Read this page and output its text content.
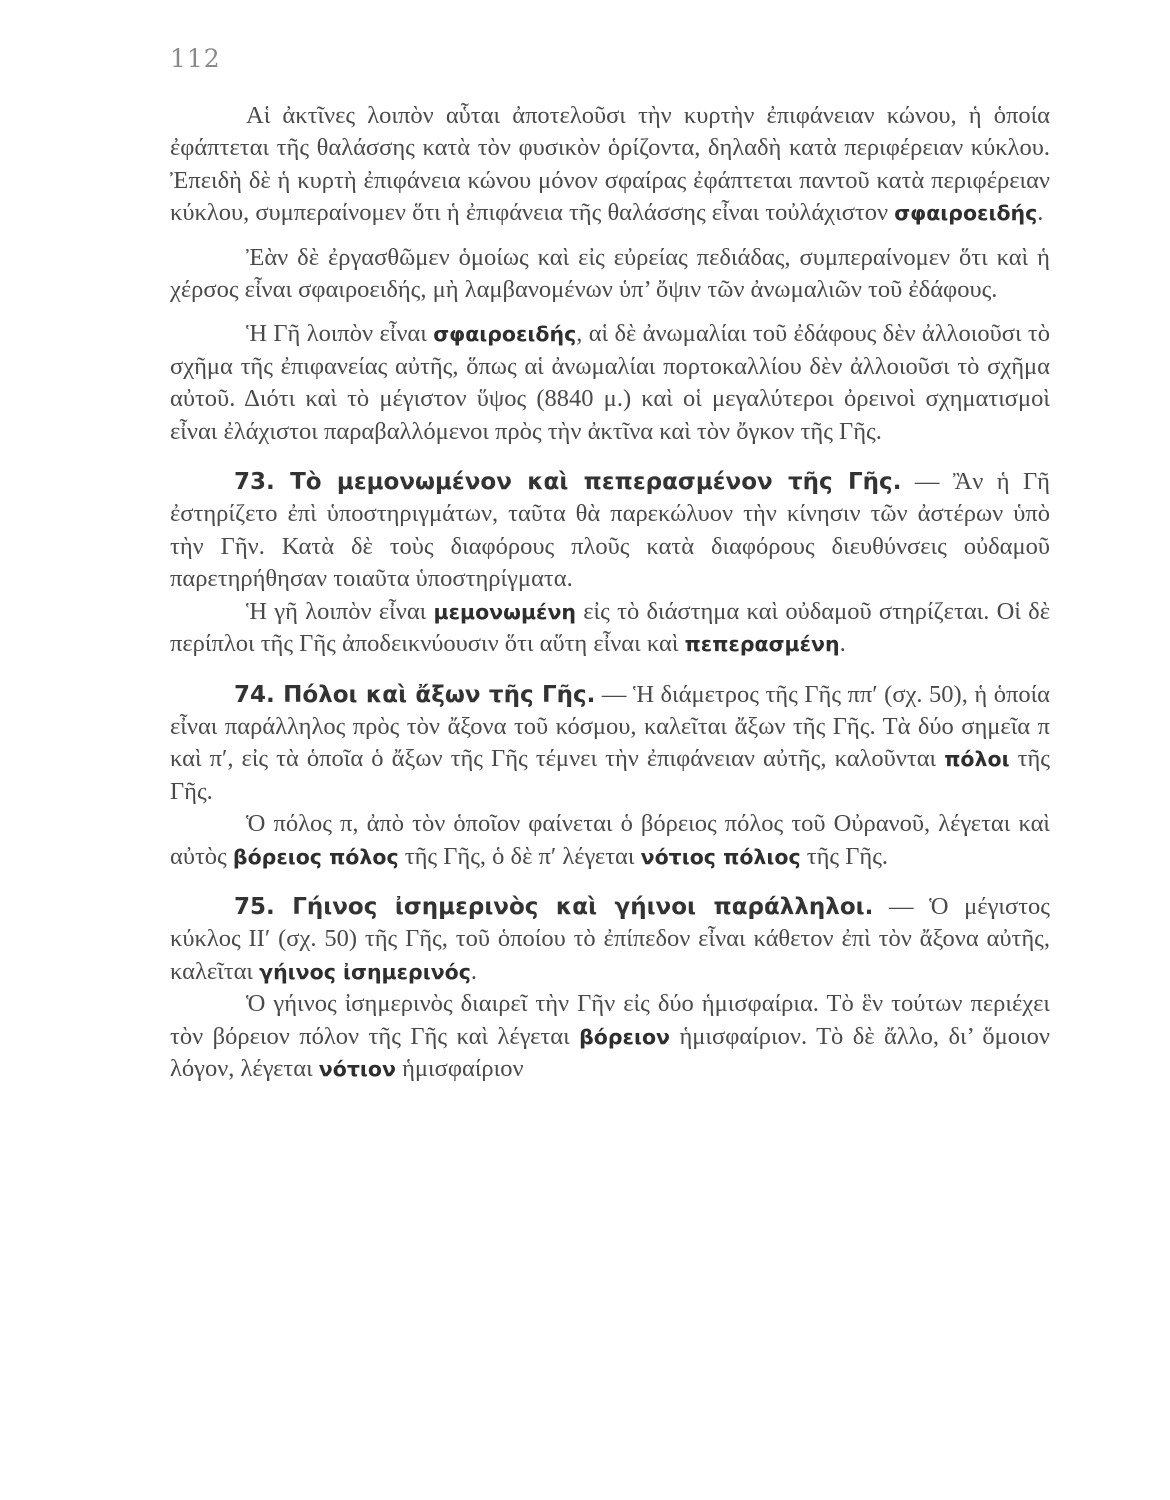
112

Αἱ ἀκτῖνες λοιπὸν αὗται ἀποτελοῦσι τὴν κυρτὴν ἐπιφάνειαν κώνου, ἡ ὁποία ἐφάπτεται τῆς θαλάσσης κατὰ τὸν φυσικὸν ὁρίζοντα, δηλαδὴ κατὰ περιφέρειαν κύκλου. Ἐπειδὴ δὲ ἡ κυρτὴ ἐπιφάνεια κώνου μόνον σφαίρας ἐφάπτεται παντοῦ κατὰ περιφέρειαν κύκλου, συμπεραίνομεν ὅτι ἡ ἐπιφάνεια τῆς θαλάσσης εἶναι τοὐλάχιστον σφαιροειδής.

Ἐὰν δὲ ἐργασθῶμεν ὁμοίως καὶ εἰς εὐρείας πεδιάδας, συμπεραίνομεν ὅτι καὶ ἡ χέρσος εἶναι σφαιροειδής, μὴ λαμβανομένων ὑπ’ ὄψιν τῶν ἀνωμαλιῶν τοῦ ἐδάφους.

Ἡ Γῆ λοιπὸν εἶναι σφαιροειδής, αἱ δὲ ἀνωμαλίαι τοῦ ἐδάφους δὲν ἀλλοιοῦσι τὸ σχῆμα τῆς ἐπιφανείας αὐτῆς, ὅπως αἱ ἀνωμαλίαι πορτοκαλλίου δὲν ἀλλοιοῦσι τὸ σχῆμα αὐτοῦ. Διότι καὶ τὸ μέγιστον ὕψος (8840 μ.) καὶ οἱ μεγαλύτεροι ὀρεινοὶ σχηματισμοὶ εἶναι ἐλάχιστοι παραβαλλόμενοι πρὸς τὴν ἀκτῖνα καὶ τὸν ὄγκον τῆς Γῆς.

73. Τὸ μεμονωμένον καὶ πεπερασμένον τῆς Γῆς. — Ἂν ἡ Γῆ ἐστηρίζετο ἐπὶ ὑποστηριγμάτων, ταῦτα θὰ παρεκώλυον τὴν κίνησιν τῶν ἀστέρων ὑπὸ τὴν Γῆν. Κατὰ δὲ τοὺς διαφόρους πλοῦς κατὰ διαφόρους διευθύνσεις οὐδαμοῦ παρετηρήθησαν τοιαῦτα ὑποστηρίγματα.

Ἡ γῆ λοιπὸν εἶναι μεμονωμένη εἰς τὸ διάστημα καὶ οὐδαμοῦ στηρίζεται. Οἱ δὲ περίπλοι τῆς Γῆς ἀποδεικνύουσιν ὅτι αὕτη εἶναι καὶ πεπερασμένη.

74. Πόλοι καὶ ἄξων τῆς Γῆς. — Ἡ διάμετρος τῆς Γῆς ππ′ (σχ. 50), ἡ ὁποία εἶναι παράλληλος πρὸς τὸν ἄξονα τοῦ κόσμου, καλεῖται ἄξων τῆς Γῆς. Τὰ δύο σημεῖα π καὶ π′, εἰς τὰ ὁποῖα ὁ ἄξων τῆς Γῆς τέμνει τὴν ἐπιφάνειαν αὐτῆς, καλοῦνται πόλοι τῆς Γῆς.

Ὁ πόλος π, ἀπὸ τὸν ὁποῖον φαίνεται ὁ βόρειος πόλος τοῦ Οὐρανοῦ, λέγεται καὶ αὐτὸς βόρειος πόλος τῆς Γῆς, ὁ δὲ π′ λέγεται νότιος πόλιος τῆς Γῆς.

75. Γήινος ἰσημερινὸς καὶ γήινοι παράλληλοι. — Ὁ μέγιστος κύκλος ΙΙ′ (σχ. 50) τῆς Γῆς, τοῦ ὁποίου τὸ ἐπίπεδον εἶναι κάθετον ἐπὶ τὸν ἄξονα αὐτῆς, καλεῖται γήινος ἰσημερινός.

Ὁ γήινος ἰσημερινὸς διαιρεῖ τὴν Γῆν εἰς δύο ἡμισφαίρια. Τὸ ἓν τούτων περιέχει τὸν βόρειον πόλον τῆς Γῆς καὶ λέγεται βόρειον ἡμισφαίριον. Τὸ δὲ ἄλλο, δι’ ὅμοιον λόγον, λέγεται νότιον ἡμισφαίριον
